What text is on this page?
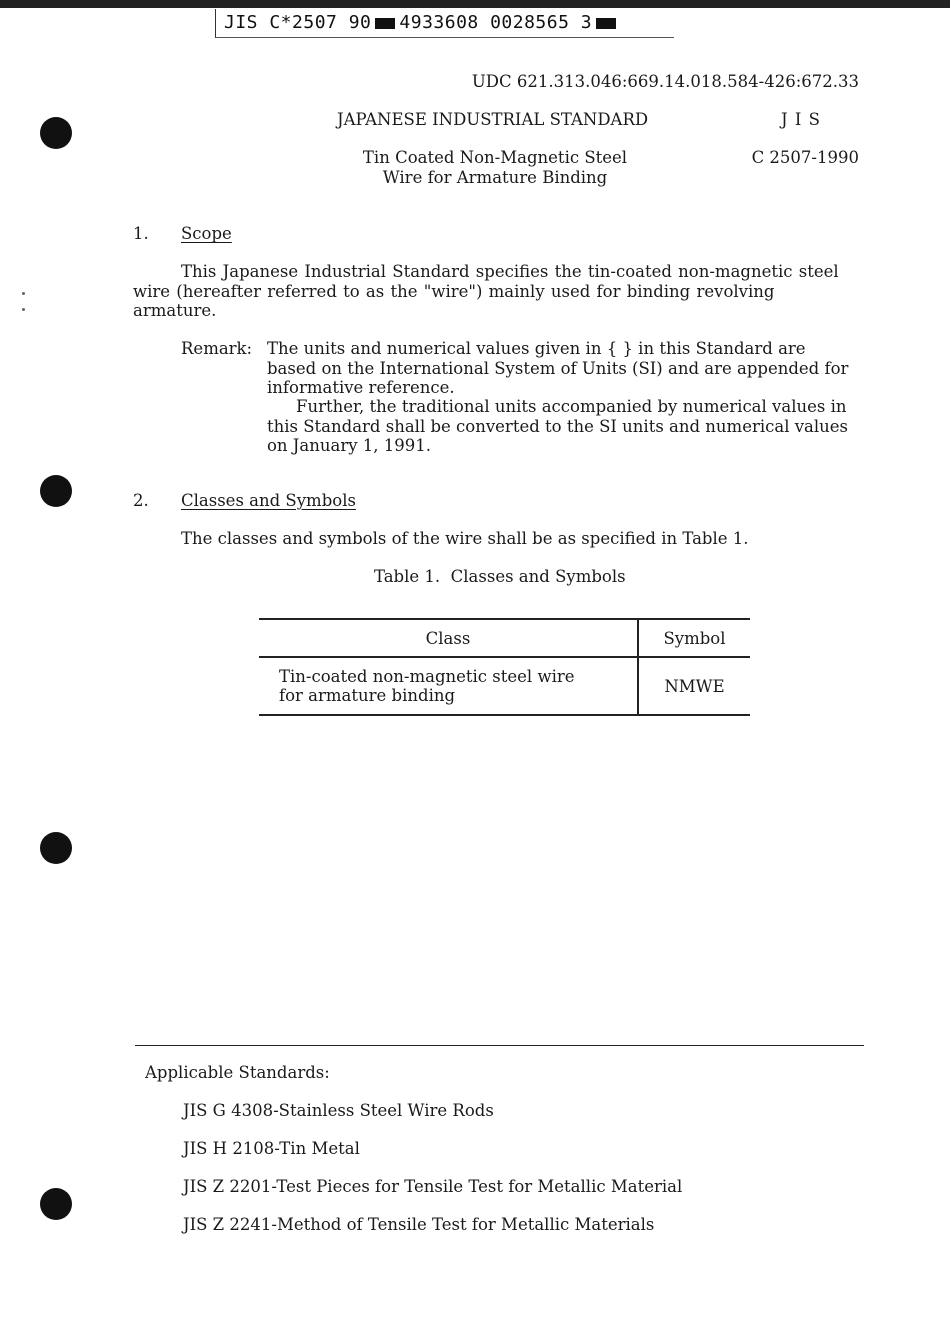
JIS C*2507 90 4933608 0028565 3
UDC 621.313.046:669.14.018.584-426:672.33
JAPANESE INDUSTRIAL STANDARD	J I S
Tin Coated Non-Magnetic Steel
Wire for Armature Binding
C 2507-1990
1. Scope
This Japanese Industrial Standard specifies the tin-coated non-magnetic steel wire (hereafter referred to as the "wire") mainly used for binding revolving armature.
Remark: The units and numerical values given in { } in this Standard are based on the International System of Units (SI) and are appended for informative reference.
Further, the traditional units accompanied by numerical values in this Standard shall be converted to the SI units and numerical values on January 1, 1991.
2. Classes and Symbols
The classes and symbols of the wire shall be as specified in Table 1.
Table 1.  Classes and Symbols
Class	Symbol

Tin-coated non-magnetic steel wire
for armature binding	NMWE
Applicable Standards:
JIS G 4308-Stainless Steel Wire Rods
JIS H 2108-Tin Metal
JIS Z 2201-Test Pieces for Tensile Test for Metallic Material
JIS Z 2241-Method of Tensile Test for Metallic Materials
